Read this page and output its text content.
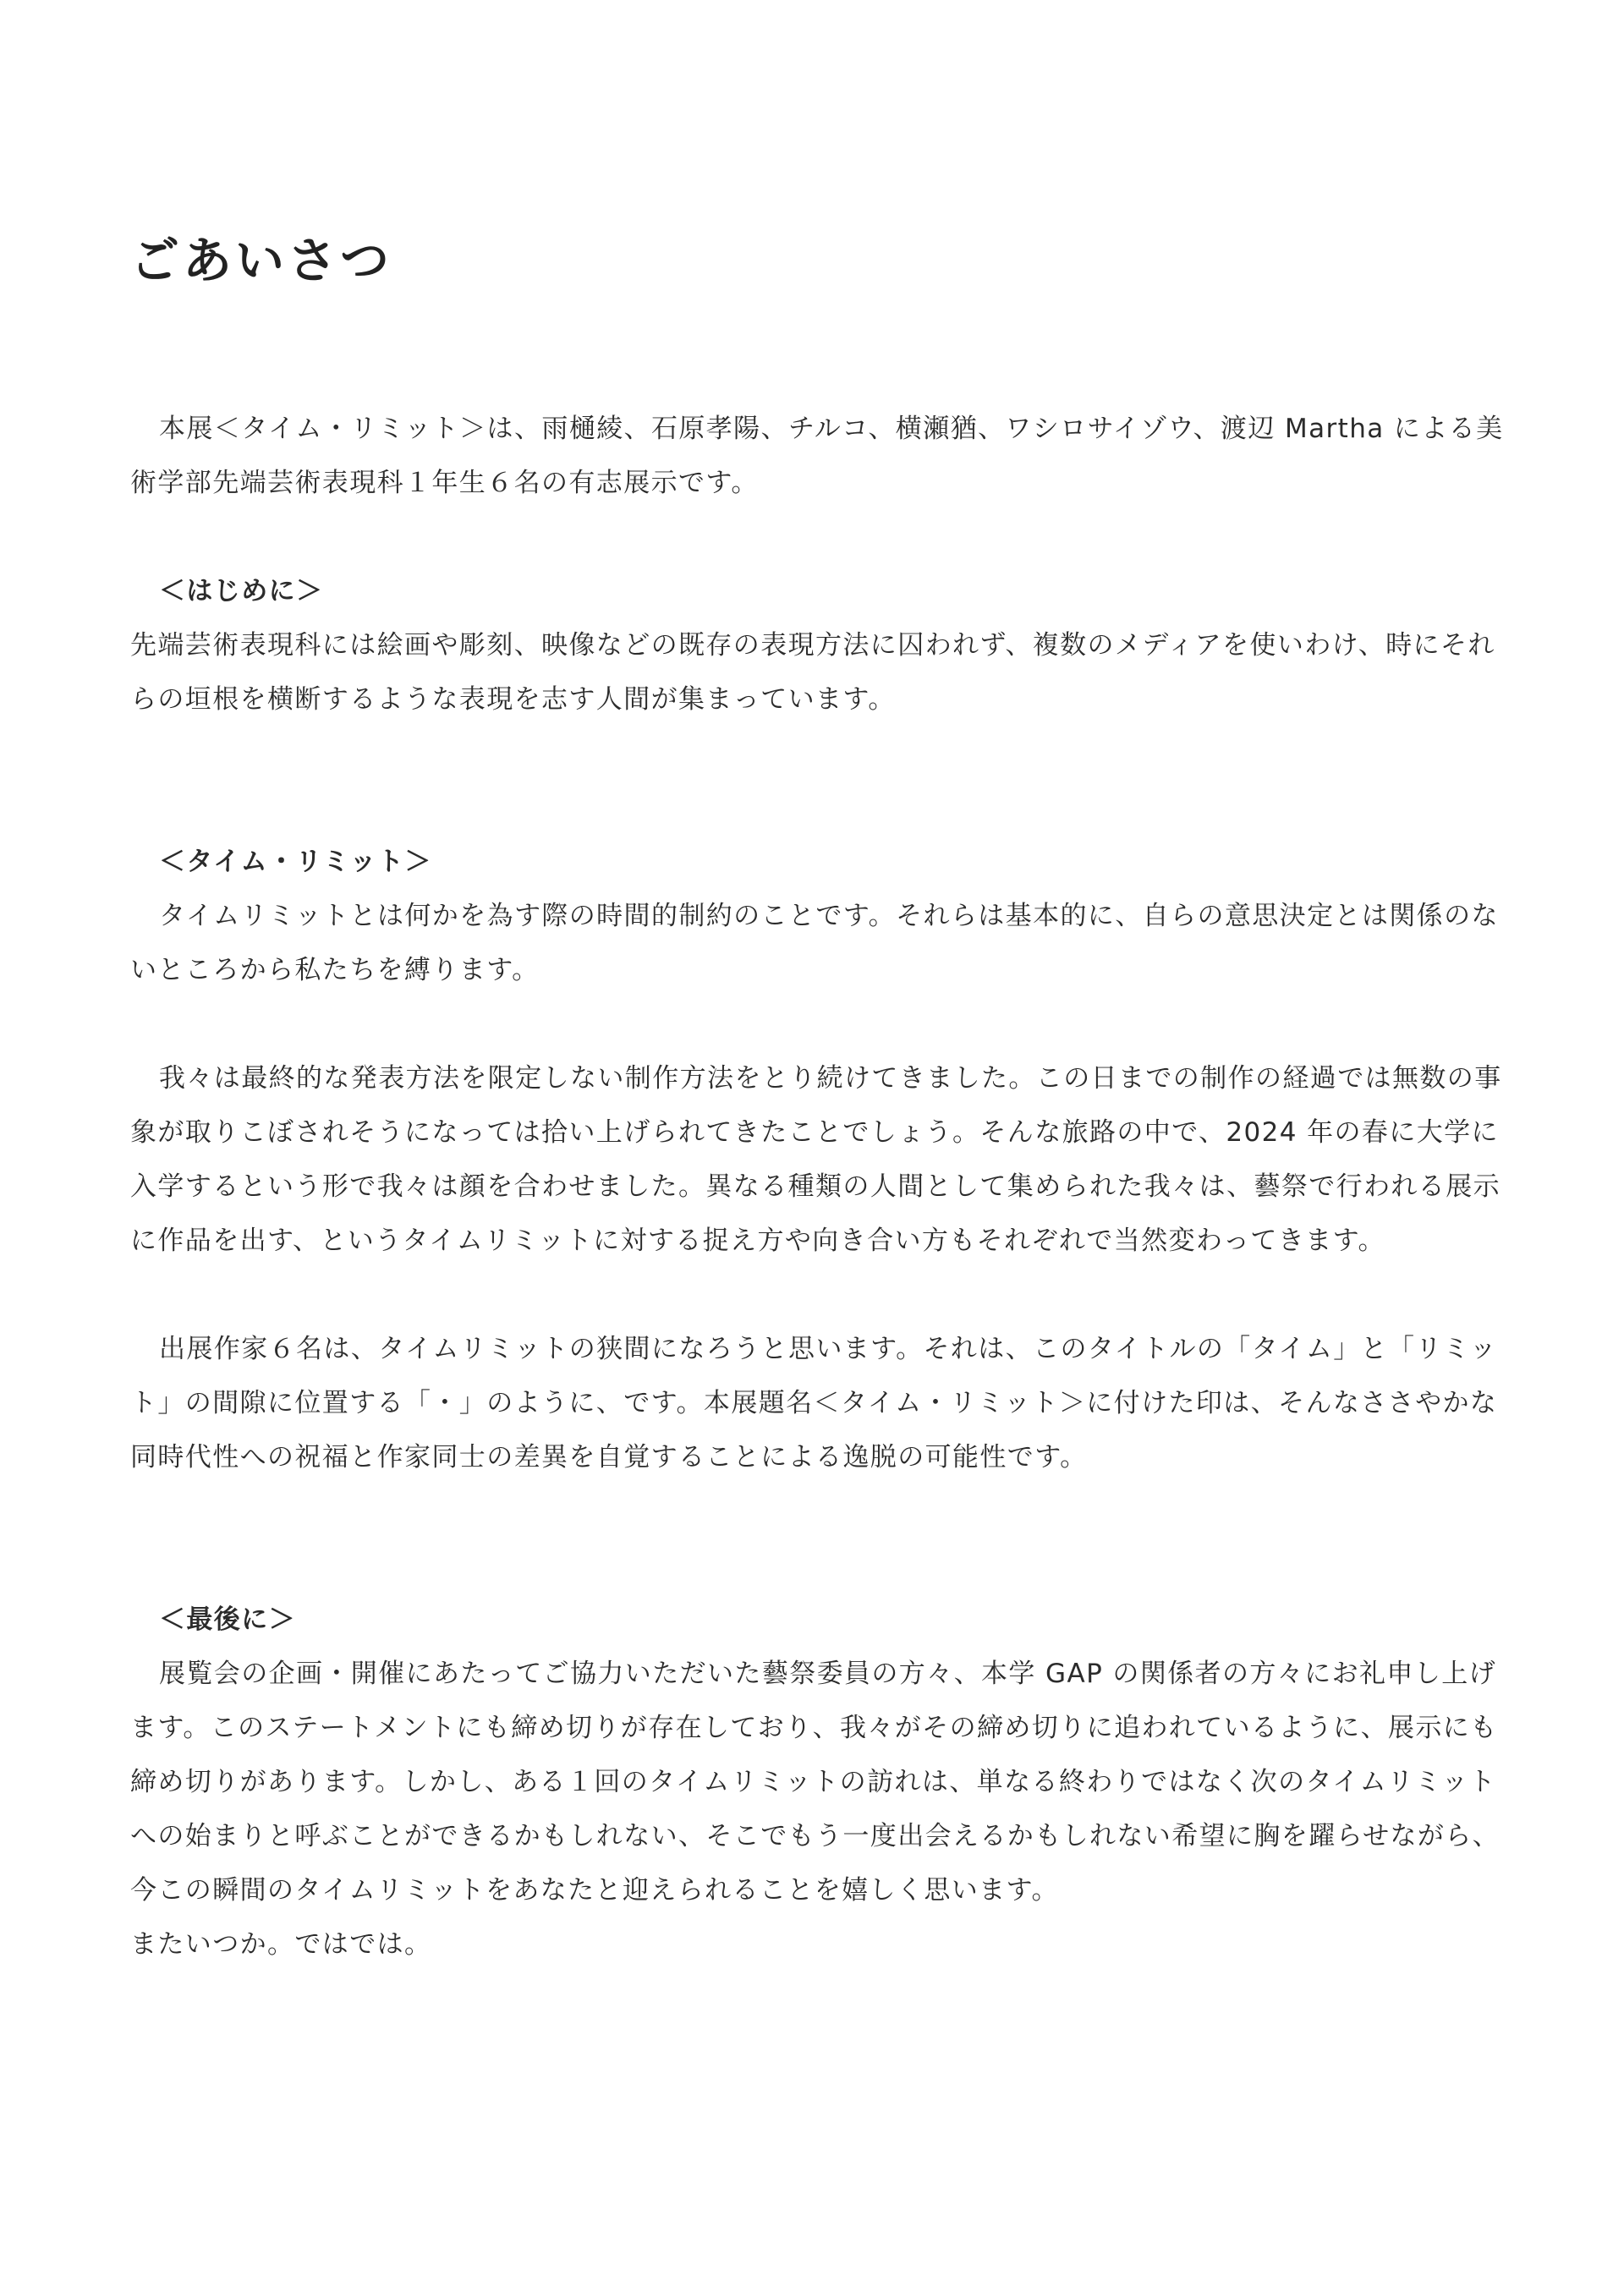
ごあいさつ

本展＜タイム・リミット＞は、雨樋綾、石原孝陽、チルコ、横瀬猶、ワシロサイゾウ、渡辺 Martha による美術学部先端芸術表現科１年生６名の有志展示です。

＜はじめに＞

先端芸術表現科には絵画や彫刻、映像などの既存の表現方法に囚われず、複数のメディアを使いわけ、時にそれらの垣根を横断するような表現を志す人間が集まっています。

＜タイム・リミット＞

タイムリミットとは何かを為す際の時間的制約のことです。それらは基本的に、自らの意思決定とは関係のないところから私たちを縛ります。

我々は最終的な発表方法を限定しない制作方法をとり続けてきました。この日までの制作の経過では無数の事象が取りこぼされそうになっては拾い上げられてきたことでしょう。そんな旅路の中で、2024 年の春に大学に入学するという形で我々は顔を合わせました。異なる種類の人間として集められた我々は、藝祭で行われる展示に作品を出す、というタイムリミットに対する捉え方や向き合い方もそれぞれで当然変わってきます。

出展作家６名は、タイムリミットの狭間になろうと思います。それは、このタイトルの「タイム」と「リミット」の間隙に位置する「・」のように、です。本展題名＜タイム・リミット＞に付けた印は、そんなささやかな同時代性への祝福と作家同士の差異を自覚することによる逸脱の可能性です。

＜最後に＞

展覧会の企画・開催にあたってご協力いただいた藝祭委員の方々、本学 GAP の関係者の方々にお礼申し上げます。このステートメントにも締め切りが存在しており、我々がその締め切りに追われているように、展示にも締め切りがあります。しかし、ある１回のタイムリミットの訪れは、単なる終わりではなく次のタイムリミットへの始まりと呼ぶことができるかもしれない、そこでもう一度出会えるかもしれない希望に胸を躍らせながら、今この瞬間のタイムリミットをあなたと迎えられることを嬉しく思います。

またいつか。ではでは。
